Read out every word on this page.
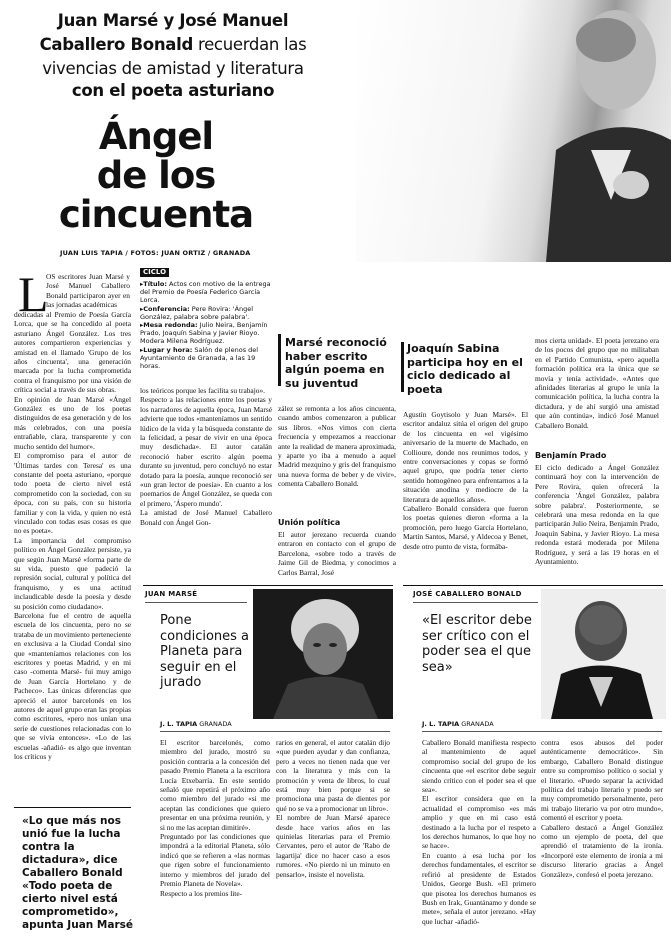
Juan Marsé y José Manuel
Caballero Bonald recuerdan las
vivencias de amistad y literatura
con el poeta asturiano
Ángel
de los
cincuenta
JUAN LUIS TAPIA / FOTOS: JUAN ORTIZ / GRANADA
L
OS escritores Juan Marsé y José Manuel Caballero Bonald participaron ayer en las jornadas académicas
dedicadas al Premio de Poesía García Lorca, que se ha concedido al poeta asturiano Ángel González. Los tres autores compartieron experiencias y amistad en el llamado 'Grupo de los años cincuenta', una generación marcada por la lucha comprometida contra el franquismo por una visión de crítica social a través de sus obras.
En opinión de Juan Marsé «Ángel González es uno de los poetas distinguidos de esa generación y de los más celebrados, con una poesía entrañable, clara, transparente y con mucho sentido del humor».
El compromiso para el autor de 'Últimas tardes con Teresa' es una constante del poeta asturiano, «porque todo poeta de cierto nivel está comprometido con la sociedad, con su época, con su país, con su historia familiar y con la vida, y quien no está vinculado con todas esas cosas es que no es poeta».
La importancia del compromiso político en Ángel González persiste, ya que según Juan Marsé «forma parte de su vida, puesto que padeció la represión social, cultural y política del franquismo, y es una actitud inclaudicable desde la poesía y desde su posición como ciudadano».
Barcelona fue el centro de aquella escuela de los cincuenta, pero no se trataba de un movimiento perteneciente en exclusiva a la Ciudad Condal sino que «manteníamos relaciones con los escritores y poetas Madrid, y en mi caso -comenta Marsé- fui muy amigo de Juan García Hortelano y de Pacheco». Las únicas diferencias que apreció el autor barcelonés en los autores de aquel grupo eran las propias como escritores, «pero nos unían una serie de cuestiones relacionadas con lo que se vivía entonces». «Lo de las escuelas -añadió- es algo que inventan los críticos y
«Lo que más nos unió fue la lucha contra la dictadura», dice Caballero Bonald
«Todo poeta de cierto nivel está comprometido», apunta Juan Marsé
CICLO
▸Título: Actos con motivo de la entrega del Premio de Poesía Federico García Lorca.
▸Conferencia: Pere Rovira: 'Ángel González, palabra sobre palabra'.
▸Mesa redonda: Julio Neira, Benjamín Prado, Joaquín Sabina y Javier Rioyo. Modera Milena Rodríguez.
▸Lugar y hora: Salón de plenos del Ayuntamiento de Granada, a las 19 horas.
los teóricos porque les facilita su trabajo».
Respecto a las relaciones entre los poetas y los narradores de aquella época, Juan Marsé advierte que todos «manteníamos un sentido lúdico de la vida y la búsqueda constante de la felicidad, a pesar de vivir en una época muy desdichada». El autor catalán reconoció haber escrito algún poema durante su juventud, pero concluyó no estar dotado para la poesía, aunque reconoció ser «un gran lector de poesía». En cuanto a los poemarios de Ángel González, se queda con el primero, 'Áspero mundo'.
La amistad de José Manuel Caballero Bonald con Ángel Gon-
Marsé reconoció haber escrito algún poema en su juventud
zález se remonta a los años cincuenta, cuando ambos comenzaron a publicar sus libros. «Nos vimos con cierta frecuencia y empezamos a reaccionar ante la realidad de manera aproximada, y aparte yo iba a menudo a aquel Madrid mezquino y gris del franquismo una nueva forma de beber y de vivir», comenta Caballero Bonald.
Unión política
El autor jerezano recuerda cuando entraron en contacto con el grupo de Barcelona, «sobre todo a través de Jaime Gil de Biedma, y conocimos a Carlos Barral, José
Joaquín Sabina participa hoy en el ciclo dedicado al poeta
Agustín Goytisolo y Juan Marsé». El escritor andaluz sitúa el origen del grupo de los cincuenta en «el vigésimo aniversario de la muerte de Machado, en Collioure, donde nos reunimos todos, y entre conversaciones y copas se formó aquel grupo, que podría tener cierto sentido homogéneo para enfrentarnos a la situación anodina y mediocre de la literatura de aquellos años».
Caballero Bonald considera que fueron los poetas quienes dieron «forma a la promoción, pero luego García Hortelano, Martín Santos, Marsé, y Aldecoa y Benet, desde otro punto de vista, formába-
mos cierta unidad». El poeta jerezano era de los pocos del grupo que no militaban en el Partido Comunista, «pero aquella formación política era la única que se movía y tenía actividad». «Antes que afinidades literarias al grupo le unía la comunicación política, la lucha contra la dictadura, y de ahí surgió una amistad que aún continúa», indicó José Manuel Caballero Bonald.
Benjamín Prado
El ciclo dedicado a Ángel González continuará hoy con la intervención de Pere Rovira, quien ofrecerá la conferencia 'Ángel González, palabra sobre palabra'. Posteriormente, se celebrará una mesa redonda en la que participarán Julio Neira, Benjamín Prado, Joaquín Sabina, y Javier Rioyo. La mesa redonda estará moderada por Milena Rodríguez, y será a las 19 horas en el Ayuntamiento.
JUAN MARSÉ
Pone condiciones a Planeta para seguir en el jurado
J. L. TAPIA GRANADA
El escritor barcelonés, como miembro del jurado, mostró su posición contraria a la concesión del pasado Premio Planeta a la escritora Lucía Etxebarría. En este sentido señaló que repetirá el próximo año como miembro del jurado «si me aceptan las condiciones que quiero presentar en una próxima reunión, y si no me las aceptan dimitiré».
Preguntado por las condiciones que impondrá a la editorial Planeta, sólo indicó que se refieren a «las normas que rigen sobre el funcionamiento interno y miembros del jurado del Premio Planeta de Novela».
Respecto a los premios lite-
rarios en general, el autor catalán dijo «que pueden ayudar y dan confianza, pero a veces no tienen nada que ver con la literatura y más con la promoción y venta de libros, lo cual está muy bien porque si se promociona una pasta de dientes por qué no se va a promocionar un libro».
El nombre de Juan Marsé aparece desde hace varios años en las quinielas literarias para el Premio Cervantes, pero el autor de 'Rabo de lagartija' dice no hacer caso a esos rumores. «No pierdo ni un minuto en pensarlo», insiste el novelista.
JOSÉ CABALLERO BONALD
«El escritor debe ser crítico con el poder sea el que sea»
J. L. TAPIA GRANADA
Caballero Bonald manifiesta respecto al mantenimiento de aquel compromiso social del grupo de los cincuenta que «el escritor debe seguir siendo crítico con el poder sea el que sea».
El escritor considera que en la actualidad el compromiso «es más amplio y que en mi caso está destinado a la lucha por el respeto a los derechos humanos, lo que hoy no se hace».
En cuanto a esa lucha por los derechos fundamentales, el escritor se refirió al presidente de Estados Unidos, George Bush. «El primero que pisotea los derechos humanos es Bush en Irak, Guantánamo y donde se mete», señala el autor jerezano. «Hay que luchar -añadió-
contra esos abusos del poder auténticamente democrático». Sin embargo, Caballero Bonald distingue entre su compromiso político o social y el literario. «Puedo separar la actividad política del trabajo literario y puedo ser muy comprometido personalmente, pero mi trabajo literario va por otro mundo», comentó el escritor y poeta.
Caballero destacó a Ángel González como un ejemplo de poeta, del que aprendió el tratamiento de la ironía. «Incorporé este elemento de ironía a mi discurso literario gracias a Ángel González», confesó el poeta jerezano.
